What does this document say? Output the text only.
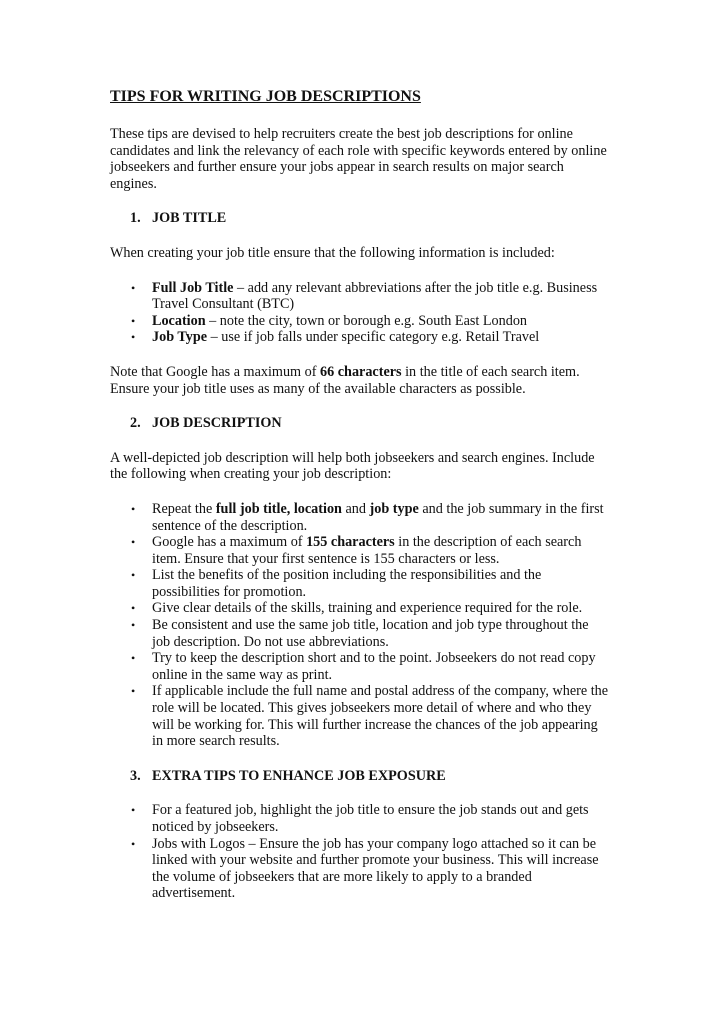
TIPS FOR WRITING JOB DESCRIPTIONS

These tips are devised to help recruiters create the best job descriptions for online candidates and link the relevancy of each role with specific keywords entered by online jobseekers and further ensure your jobs appear in search results on major search engines.

1. JOB TITLE

When creating your job title ensure that the following information is included:

• Full Job Title – add any relevant abbreviations after the job title e.g. Business Travel Consultant (BTC)
• Location – note the city, town or borough e.g. South East London
• Job Type – use if job falls under specific category e.g. Retail Travel

Note that Google has a maximum of 66 characters in the title of each search item. Ensure your job title uses as many of the available characters as possible.

2. JOB DESCRIPTION

A well-depicted job description will help both jobseekers and search engines. Include the following when creating your job description:

• Repeat the full job title, location and job type and the job summary in the first sentence of the description.
• Google has a maximum of 155 characters in the description of each search item. Ensure that your first sentence is 155 characters or less.
• List the benefits of the position including the responsibilities and the possibilities for promotion.
• Give clear details of the skills, training and experience required for the role.
• Be consistent and use the same job title, location and job type throughout the job description. Do not use abbreviations.
• Try to keep the description short and to the point. Jobseekers do not read copy online in the same way as print.
• If applicable include the full name and postal address of the company, where the role will be located. This gives jobseekers more detail of where and who they will be working for. This will further increase the chances of the job appearing in more search results.
3. EXTRA TIPS TO ENHANCE JOB EXPOSURE
• For a featured job, highlight the job title to ensure the job stands out and gets noticed by jobseekers.
• Jobs with Logos – Ensure the job has your company logo attached so it can be linked with your website and further promote your business. This will increase the volume of jobseekers that are more likely to apply to a branded advertisement.
